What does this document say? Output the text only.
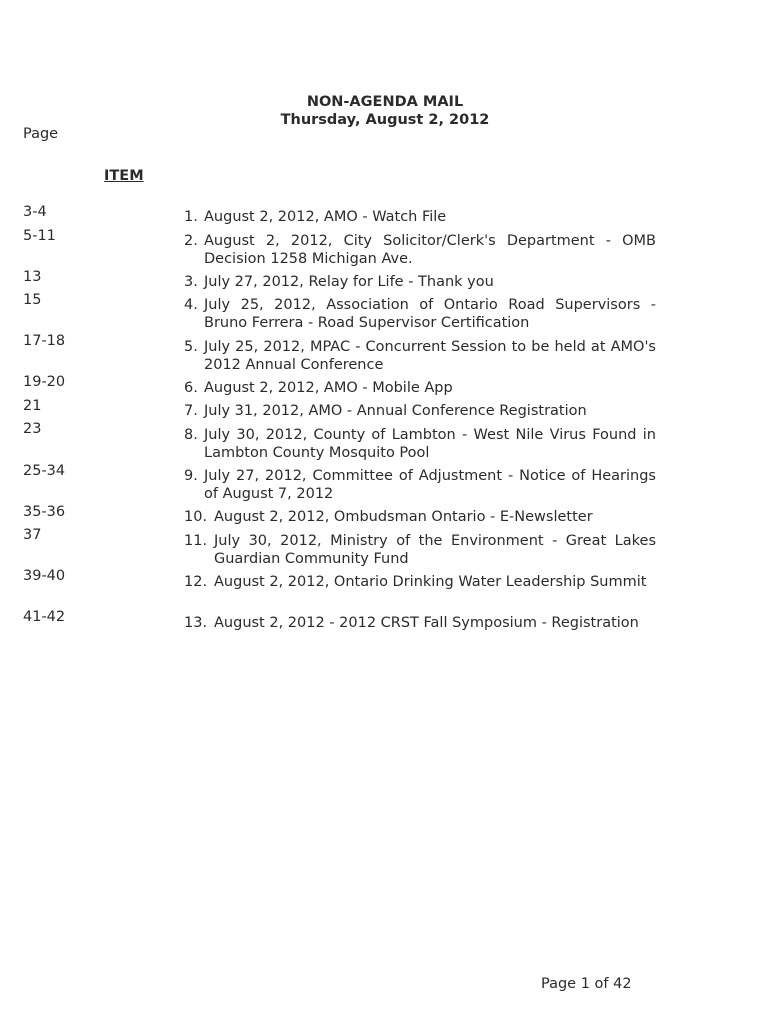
NON-AGENDA MAIL
Thursday, August 2, 2012
Page
ITEM
3-4
5-11
13
15
17-18
19-20
21
23
25-34
35-36
37
39-40
41-42
1. August 2, 2012, AMO - Watch File
2. August 2, 2012, City Solicitor/Clerk's Department - OMB Decision 1258 Michigan Ave.
3. July 27, 2012, Relay for Life - Thank you
4. July 25, 2012, Association of Ontario Road Supervisors - Bruno Ferrera - Road Supervisor Certification
5. July 25, 2012, MPAC - Concurrent Session to be held at AMO's 2012 Annual Conference
6. August 2, 2012, AMO - Mobile App
7. July 31, 2012, AMO - Annual Conference Registration
8. July 30, 2012, County of Lambton - West Nile Virus Found in Lambton County Mosquito Pool
9. July 27, 2012, Committee of Adjustment - Notice of Hearings of August 7, 2012
10. August 2, 2012, Ombudsman Ontario - E-Newsletter
11. July 30, 2012, Ministry of the Environment - Great Lakes Guardian Community Fund
12. August 2, 2012, Ontario Drinking Water Leadership Summit
13. August 2, 2012 - 2012 CRST Fall Symposium - Registration
Page 1 of 42
